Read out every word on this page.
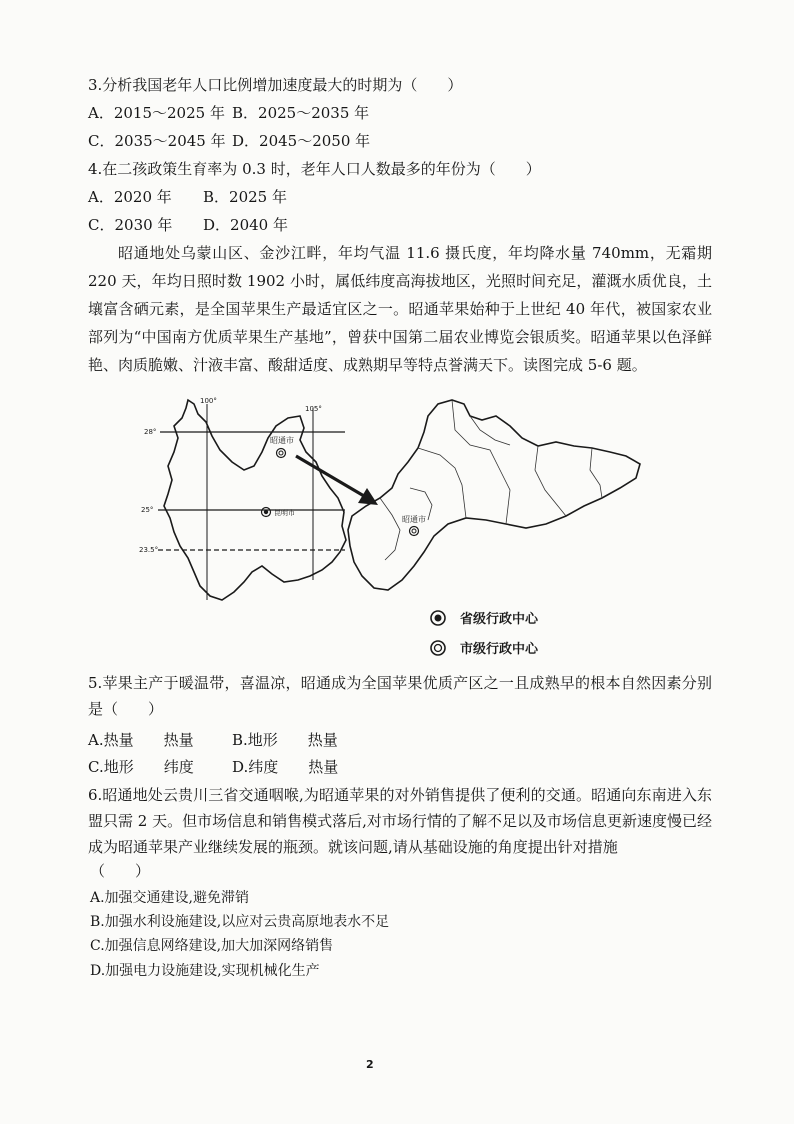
3.分析我国老年人口比例增加速度最大的时期为（　　）
A．2015～2025 年 B．2025～2035 年
C．2035～2045 年 D．2045～2050 年
4.在二孩政策生育率为 0.3 时，老年人口人数最多的年份为（　　）
A．2020 年 B．2025 年
C．2030 年 D．2040 年
昭通地处乌蒙山区、金沙江畔，年均气温 11.6 摄氏度，年均降水量 740mm，无霜期 220 天，年均日照时数 1902 小时，属低纬度高海拔地区，光照时间充足，灌溉水质优良，土壤富含硒元素，是全国苹果生产最适宜区之一。昭通苹果始种于上世纪 40 年代，被国家农业部列为“中国南方优质苹果生产基地”，曾获中国第二届农业博览会银质奖。昭通苹果以色泽鲜艳、肉质脆嫩、汁液丰富、酸甜适度、成熟期早等特点誉满天下。读图完成 5-6 题。
100°
105°
28°
25°
23.5°
昭通市
昆明市
昭通市
省级行政中心
市级行政中心
5.苹果主产于暖温带，喜温凉，昭通成为全国苹果优质产区之一且成熟早的根本自然因素分别是（　　）
A.热量　　热量	B.地形　　热量
C.地形　　纬度	D.纬度　　热量
6.昭通地处云贵川三省交通咽喉,为昭通苹果的对外销售提供了便利的交通。昭通向东南进入东盟只需 2 天。但市场信息和销售模式落后,对市场行情的了解不足以及市场信息更新速度慢已经成为昭通苹果产业继续发展的瓶颈。就该问题,请从基础设施的角度提出针对措施
（　　）
A.加强交通建设,避免滞销
B.加强水利设施建设,以应对云贵高原地表水不足
C.加强信息网络建设,加大加深网络销售
D.加强电力设施建设,实现机械化生产
2
